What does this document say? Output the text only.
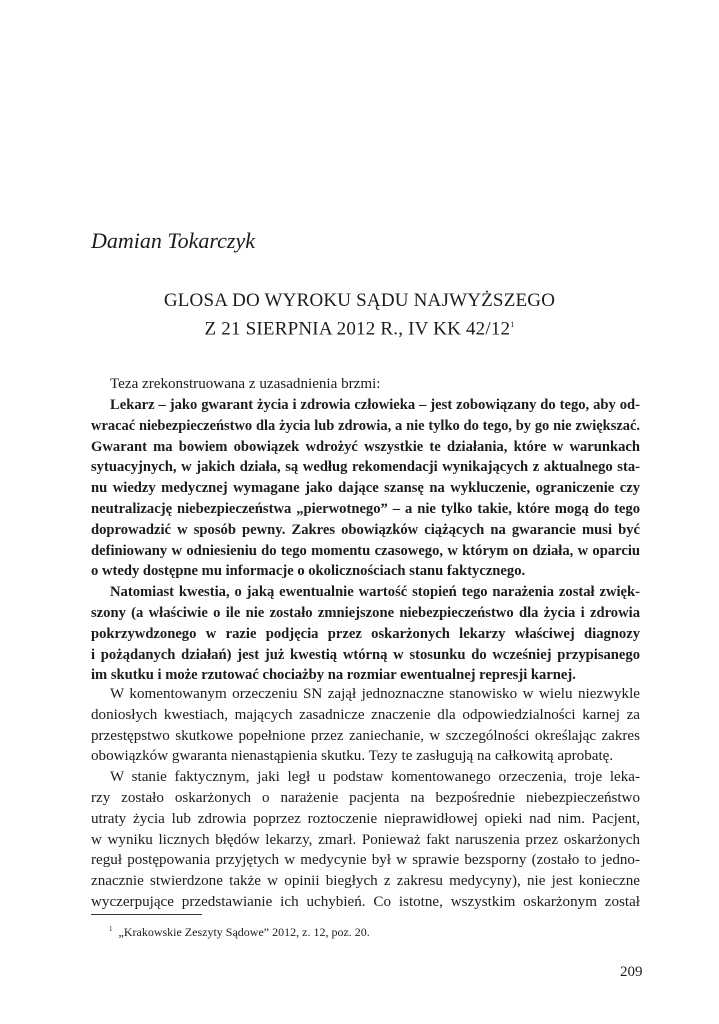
Damian Tokarczyk
GLOSA DO WYROKU SĄDU NAJWYŻSZEGO
Z 21 SIERPNIA 2012 R., IV KK $42/12^1$
Teza zrekonstruowana z uzasadnienia brzmi:
Lekarz – jako gwarant życia i zdrowia człowieka – jest zobowiązany do tego, aby od-
wracać niebezpieczeństwo dla życia lub zdrowia, a nie tylko do tego, by go nie zwiększać.
Gwarant ma bowiem obowiązek wdrożyć wszystkie te działania, które w warunkach
sytuacyjnych, w jakich działa, są według rekomendacji wynikających z aktualnego sta-
nu wiedzy medycznej wymagane jako dające szansę na wykluczenie, ograniczenie czy
neutralizację niebezpieczeństwa „pierwotnego” – a nie tylko takie, które mogą do tego
doprowadzić w sposób pewny. Zakres obowiązków ciążących na gwarancie musi być
definiowany w odniesieniu do tego momentu czasowego, w którym on działa, w oparciu
o wtedy dostępne mu informacje o okolicznościach stanu faktycznego.
Natomiast kwestia, o jaką ewentualnie wartość stopień tego narażenia został zwięk-
szony (a właściwie o ile nie zostało zmniejszone niebezpieczeństwo dla życia i zdrowia
pokrzywdzonego w razie podjęcia przez oskarżonych lekarzy właściwej diagnozy
i pożądanych działań) jest już kwestią wtórną w stosunku do wcześniej przypisanego
im skutku i może rzutować chociażby na rozmiar ewentualnej represji karnej.
W komentowanym orzeczeniu SN zajął jednoznaczne stanowisko w wielu niezwykle
doniosłych kwestiach, mających zasadnicze znaczenie dla odpowiedzialności karnej za
przestępstwo skutkowe popełnione przez zaniechanie, w szczególności określając zakres
obowiązków gwaranta nienastąpienia skutku. Tezy te zasługują na całkowitą aprobatę.
W stanie faktycznym, jaki legł u podstaw komentowanego orzeczenia, troje leka-
rzy zostało oskarżonych o narażenie pacjenta na bezpośrednie niebezpieczeństwo
utraty życia lub zdrowia poprzez roztoczenie nieprawidłowej opieki nad nim. Pacjent,
w wyniku licznych błędów lekarzy, zmarł. Ponieważ fakt naruszenia przez oskarżonych
reguł postępowania przyjętych w medycynie był w sprawie bezsporny (zostało to jedno-
znacznie stwierdzone także w opinii biegłych z zakresu medycyny), nie jest konieczne
wyczerpujące przedstawianie ich uchybień. Co istotne, wszystkim oskarżonym został
$^1$ „Krakowskie Zeszyty Sądowe” 2012, z. 12, poz. 20.
209
